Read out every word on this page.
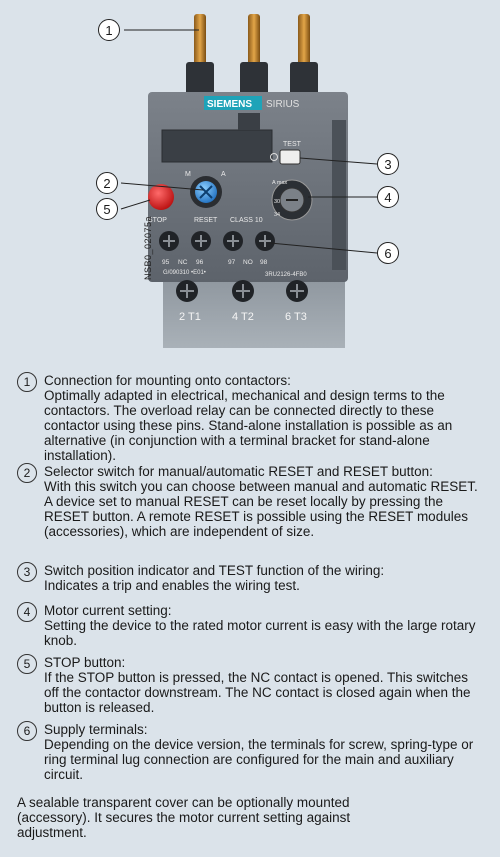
SIEMENS SIRIUS
TEST
STOP	RESET CLASS 10
M	A
A max
30
34
95 NC 96	97 NO 98
G/090310 •E01•	3RU2126-4FB0
2 T1	4 T2	6 T3
NSB0_02075a
1
2
5
3
4
6
1	Connection for mounting onto contactors:
Optimally adapted in electrical, mechanical and design terms to the contactors. The overload relay can be connected directly to these contactor using these pins. Stand-alone installation is possible as an alternative (in conjunction with a terminal bracket for stand-alone installation).
2	Selector switch for manual/automatic RESET and RESET button:
With this switch you can choose between manual and automatic RESET. A device set to manual RESET can be reset locally by pressing the RESET button. A remote RESET is possible using the RESET modules (accessories), which are independent of size.
3	Switch position indicator and TEST function of the wiring:
Indicates a trip and enables the wiring test.
4	Motor current setting:
Setting the device to the rated motor current is easy with the large rotary knob.
5	STOP button:
If the STOP button is pressed, the NC contact is opened. This switches off the contactor downstream. The NC contact is closed again when the button is released.
6	Supply terminals:
Depending on the device version, the terminals for screw, spring-type or ring terminal lug connection are configured for the main and auxiliary circuit.
A sealable transparent cover can be optionally mounted (accessory). It secures the motor current setting against adjustment.
